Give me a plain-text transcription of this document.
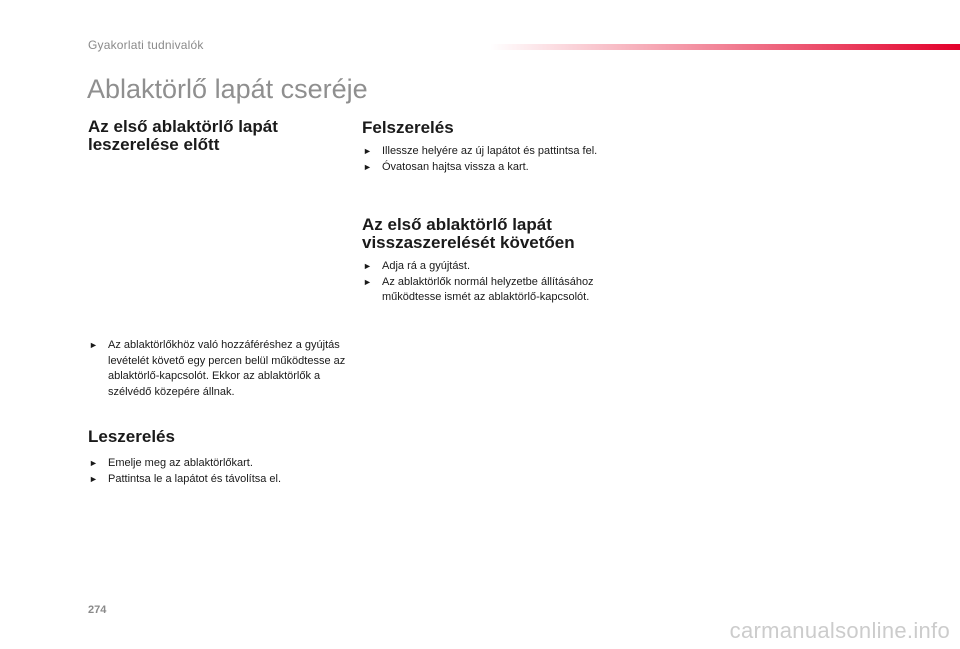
Gyakorlati tudnivalók
Ablaktörlő lapát cseréje
Az első ablaktörlő lapát
leszerelése előtt
► Az ablaktörlőkhöz való hozzáféréshez a gyújtás levételét követő egy percen belül működtesse az ablaktörlő-kapcsolót. Ekkor az ablaktörlők a szélvédő közepére állnak.
Leszerelés
► Emelje meg az ablaktörlőkart.
► Pattintsa le a lapátot és távolítsa el.
Felszerelés
► Illessze helyére az új lapátot és pattintsa fel.
► Óvatosan hajtsa vissza a kart.
Az első ablaktörlő lapát
visszaszerelését követően
► Adja rá a gyújtást.
► Az ablaktörlők normál helyzetbe állításához működtesse ismét az ablaktörlő-kapcsolót.
274
carmanualsonline.info
